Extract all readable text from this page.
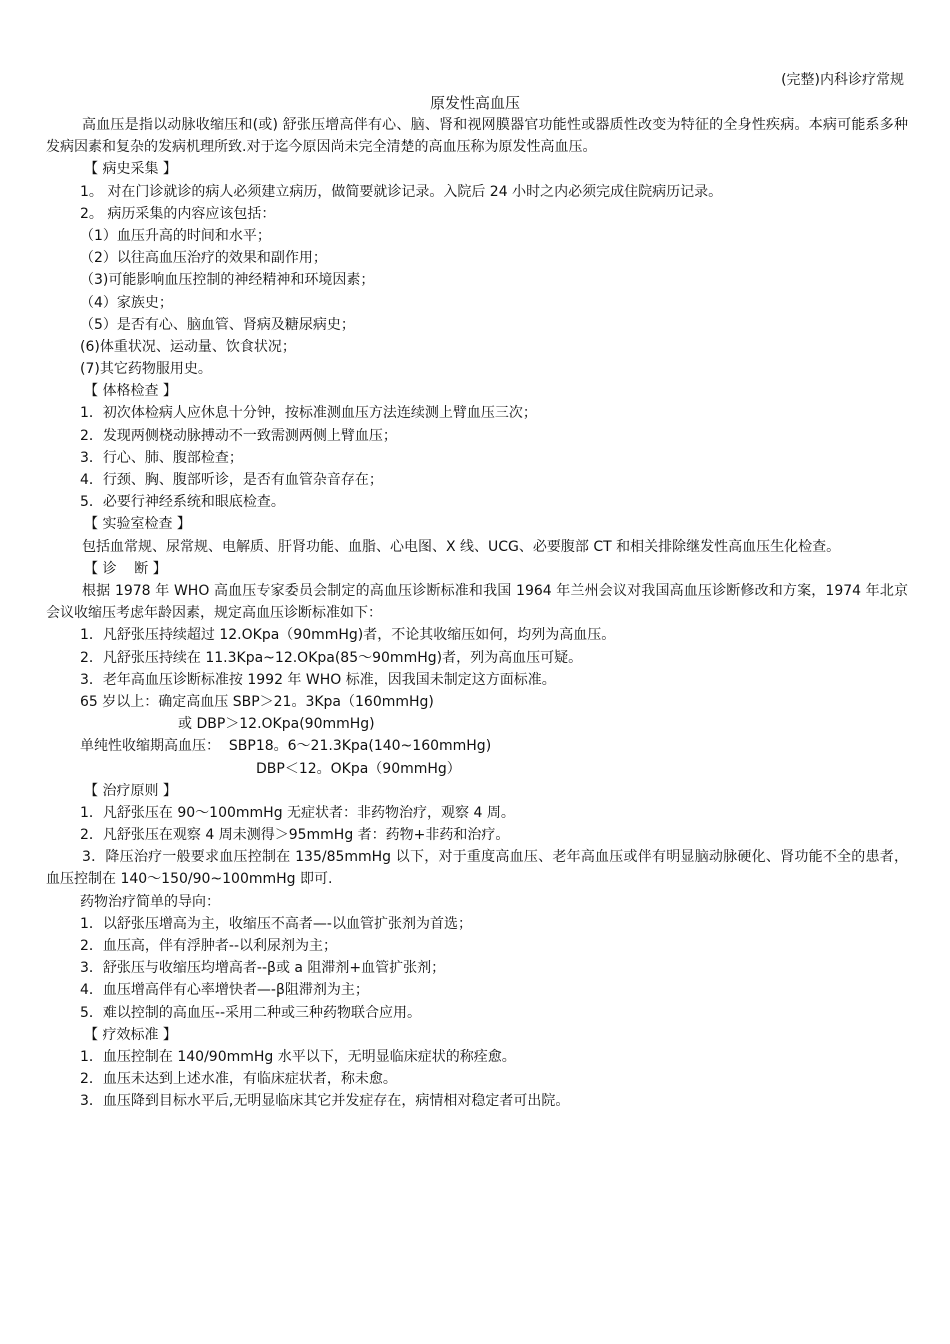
(完整)内科诊疗常规
原发性高血压
高血压是指以动脉收缩压和(或) 舒张压增高伴有心、脑、肾和视网膜器官功能性或器质性改变为特征的全身性疾病。本病可能系多种发病因素和复杂的发病机理所致.对于迄今原因尚未完全清楚的高血压称为原发性高血压。
【 病史采集 】
1。 对在门诊就诊的病人必须建立病历，做简要就诊记录。入院后 24 小时之内必须完成住院病历记录。
2。 病历采集的内容应该包括：
（1）血压升高的时间和水平；
（2）以往高血压治疗的效果和副作用；
（3)可能影响血压控制的神经精神和环境因素；
（4）家族史；
（5）是否有心、脑血管、肾病及糖尿病史；
(6)体重状况、运动量、饮食状况；
(7)其它药物服用史。
【 体格检查 】
1．初次体检病人应休息十分钟，按标准测血压方法连续测上臂血压三次；
2．发现两侧桡动脉搏动不一致需测两侧上臂血压；
3．行心、肺、腹部检查；
4．行颈、胸、腹部听诊，是否有血管杂音存在；
5．必要行神经系统和眼底检查。
【 实验室检查 】
包括血常规、尿常规、电解质、肝肾功能、血脂、心电图、X 线、UCG、必要腹部 CT 和相关排除继发性高血压生化检查。
【 诊    断 】
根据 1978 年 WHO 高血压专家委员会制定的高血压诊断标准和我国 1964 年兰州会议对我国高血压诊断修改和方案，1974 年北京会议收缩压考虑年龄因素，规定高血压诊断标准如下：
1．凡舒张压持续超过 12.OKpa（90mmHg)者，不论其收缩压如何，均列为高血压。
2．凡舒张压持续在 11.3Kpa~12.OKpa(85～90mmHg)者，列为高血压可疑。
3．老年高血压诊断标准按 1992 年 WHO 标准，因我国未制定这方面标准。
65 岁以上：确定高血压 SBP＞21。3Kpa（160mmHg)
或 DBP＞12.OKpa(90mmHg)
单纯性收缩期高血压：  SBP18。6～21.3Kpa(140~160mmHg)
DBP＜12。OKpa（90mmHg）
【 治疗原则 】
1．凡舒张压在 90～100mmHg 无症状者：非药物治疗，观察 4 周。
2．凡舒张压在观察 4 周未测得＞95mmHg 者：药物+非药和治疗。
3．降压治疗一般要求血压控制在 135/85mmHg 以下，对于重度高血压、老年高血压或伴有明显脑动脉硬化、肾功能不全的患者，血压控制在 140～150/90~100mmHg 即可.
药物治疗简单的导向：
1．以舒张压增高为主，收缩压不高者—-以血管扩张剂为首选；
2．血压高，伴有浮肿者--以利尿剂为主；
3．舒张压与收缩压均增高者--β或 a 阻滞剂+血管扩张剂；
4．血压增高伴有心率增快者—-β阻滞剂为主；
5．难以控制的高血压--采用二种或三种药物联合应用。
【 疗效标准 】
1．血压控制在 140/90mmHg 水平以下，无明显临床症状的称痊愈。
2．血压未达到上述水准，有临床症状者，称未愈。
3．血压降到目标水平后,无明显临床其它并发症存在，病情相对稳定者可出院。
